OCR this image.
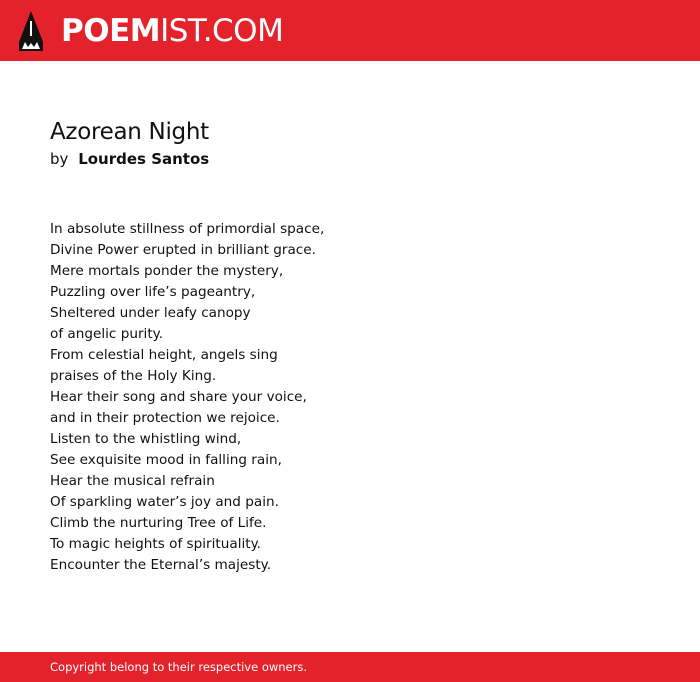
POEMIST.COM
Azorean Night
by Lourdes Santos
In absolute stillness of primordial space,
Divine Power erupted in brilliant grace.
Mere mortals ponder the mystery,
Puzzling over life’s pageantry,
Sheltered under leafy canopy
of angelic purity.
From celestial height, angels sing
praises of the Holy King.
Hear their song and share your voice,
and in their protection we rejoice.
Listen to the whistling wind,
See exquisite mood in falling rain,
Hear the musical refrain
Of sparkling water’s joy and pain.
Climb the nurturing Tree of Life.
To magic heights of spirituality.
Encounter the Eternal’s majesty.
Copyright belong to their respective owners.
